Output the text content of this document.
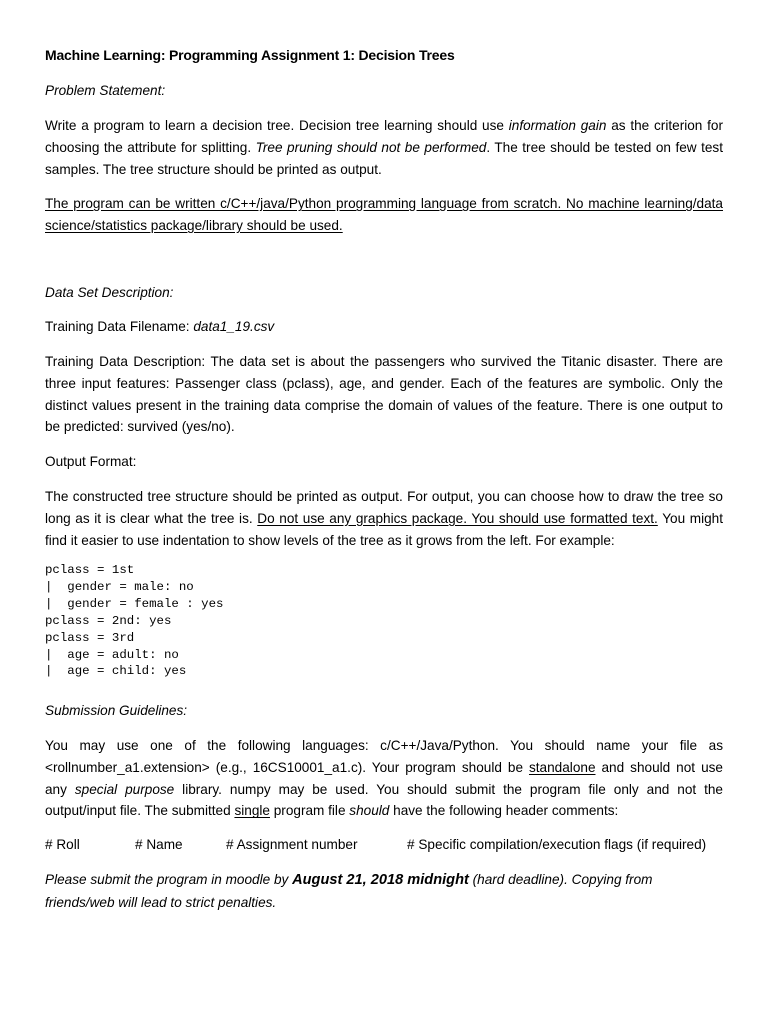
Machine Learning: Programming Assignment 1: Decision Trees

Problem Statement:

Write a program to learn a decision tree. Decision tree learning should use information gain as the criterion for choosing the attribute for splitting. Tree pruning should not be performed. The tree should be tested on few test samples. The tree structure should be printed as output.

The program can be written c/C++/java/Python programming language from scratch. No machine learning/data science/statistics package/library should be used.

Data Set Description:

Training Data Filename: data1_19.csv

Training Data Description: The data set is about the passengers who survived the Titanic disaster. There are three input features: Passenger class (pclass), age, and gender. Each of the features are symbolic. Only the distinct values present in the training data comprise the domain of values of the feature. There is one output to be predicted: survived (yes/no).

Output Format:

The constructed tree structure should be printed as output. For output, you can choose how to draw the tree so long as it is clear what the tree is. Do not use any graphics package. You should use formatted text. You might find it easier to use indentation to show levels of the tree as it grows from the left. For example:

pclass = 1st
|  gender = male: no
|  gender = female : yes
pclass = 2nd: yes
pclass = 3rd
|  age = adult: no
|  age = child: yes

Submission Guidelines:

You may use one of the following languages: c/C++/Java/Python. You should name your file as <rollnumber_a1.extension> (e.g., 16CS10001_a1.c). Your program should be standalone and should not use any special purpose library. numpy may be used. You should submit the program file only and not the output/input file. The submitted single program file should have the following header comments:

# Roll	# Name	# Assignment number	# Specific compilation/execution flags (if required)

Please submit the program in moodle by August 21, 2018 midnight (hard deadline). Copying from friends/web will lead to strict penalties.
